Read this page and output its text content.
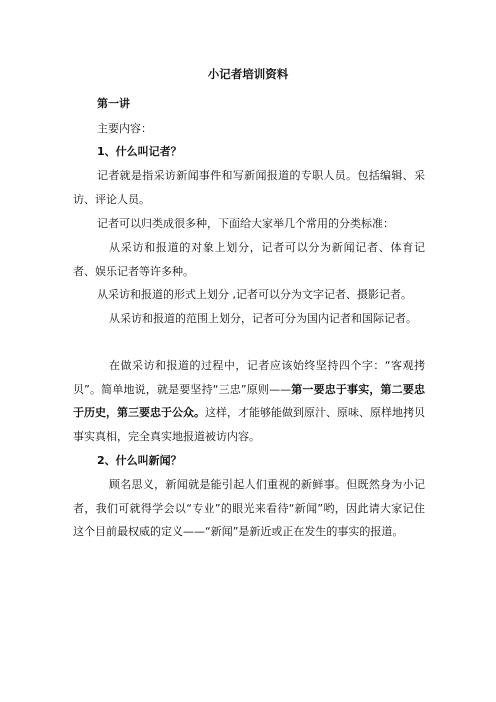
小记者培训资料
第一讲
主要内容：
1、什么叫记者？
记者就是指采访新闻事件和写新闻报道的专职人员。包括编辑、采访、评论人员。
记者可以归类成很多种，下面给大家举几个常用的分类标准：
从采访和报道的对象上划分，记者可以分为新闻记者、体育记者、娱乐记者等许多种。
从采访和报道的形式上划分 ,记者可以分为文字记者、摄影记者。
从采访和报道的范围上划分，记者可分为国内记者和国际记者。
在做采访和报道的过程中，记者应该始终坚持四个字：“客观拷贝”。简单地说，就是要坚持“三忠”原则——第一要忠于事实，第二要忠于历史，第三要忠于公众。这样，才能够能做到原汁、原味、原样地拷贝事实真相，完全真实地报道被访内容。
2、什么叫新闻？
顾名思义，新闻就是能引起人们重视的新鲜事。但既然身为小记者，我们可就得学会以“专业”的眼光来看待“新闻”哟，因此请大家记住这个目前最权威的定义——“新闻”是新近或正在发生的事实的报道。
